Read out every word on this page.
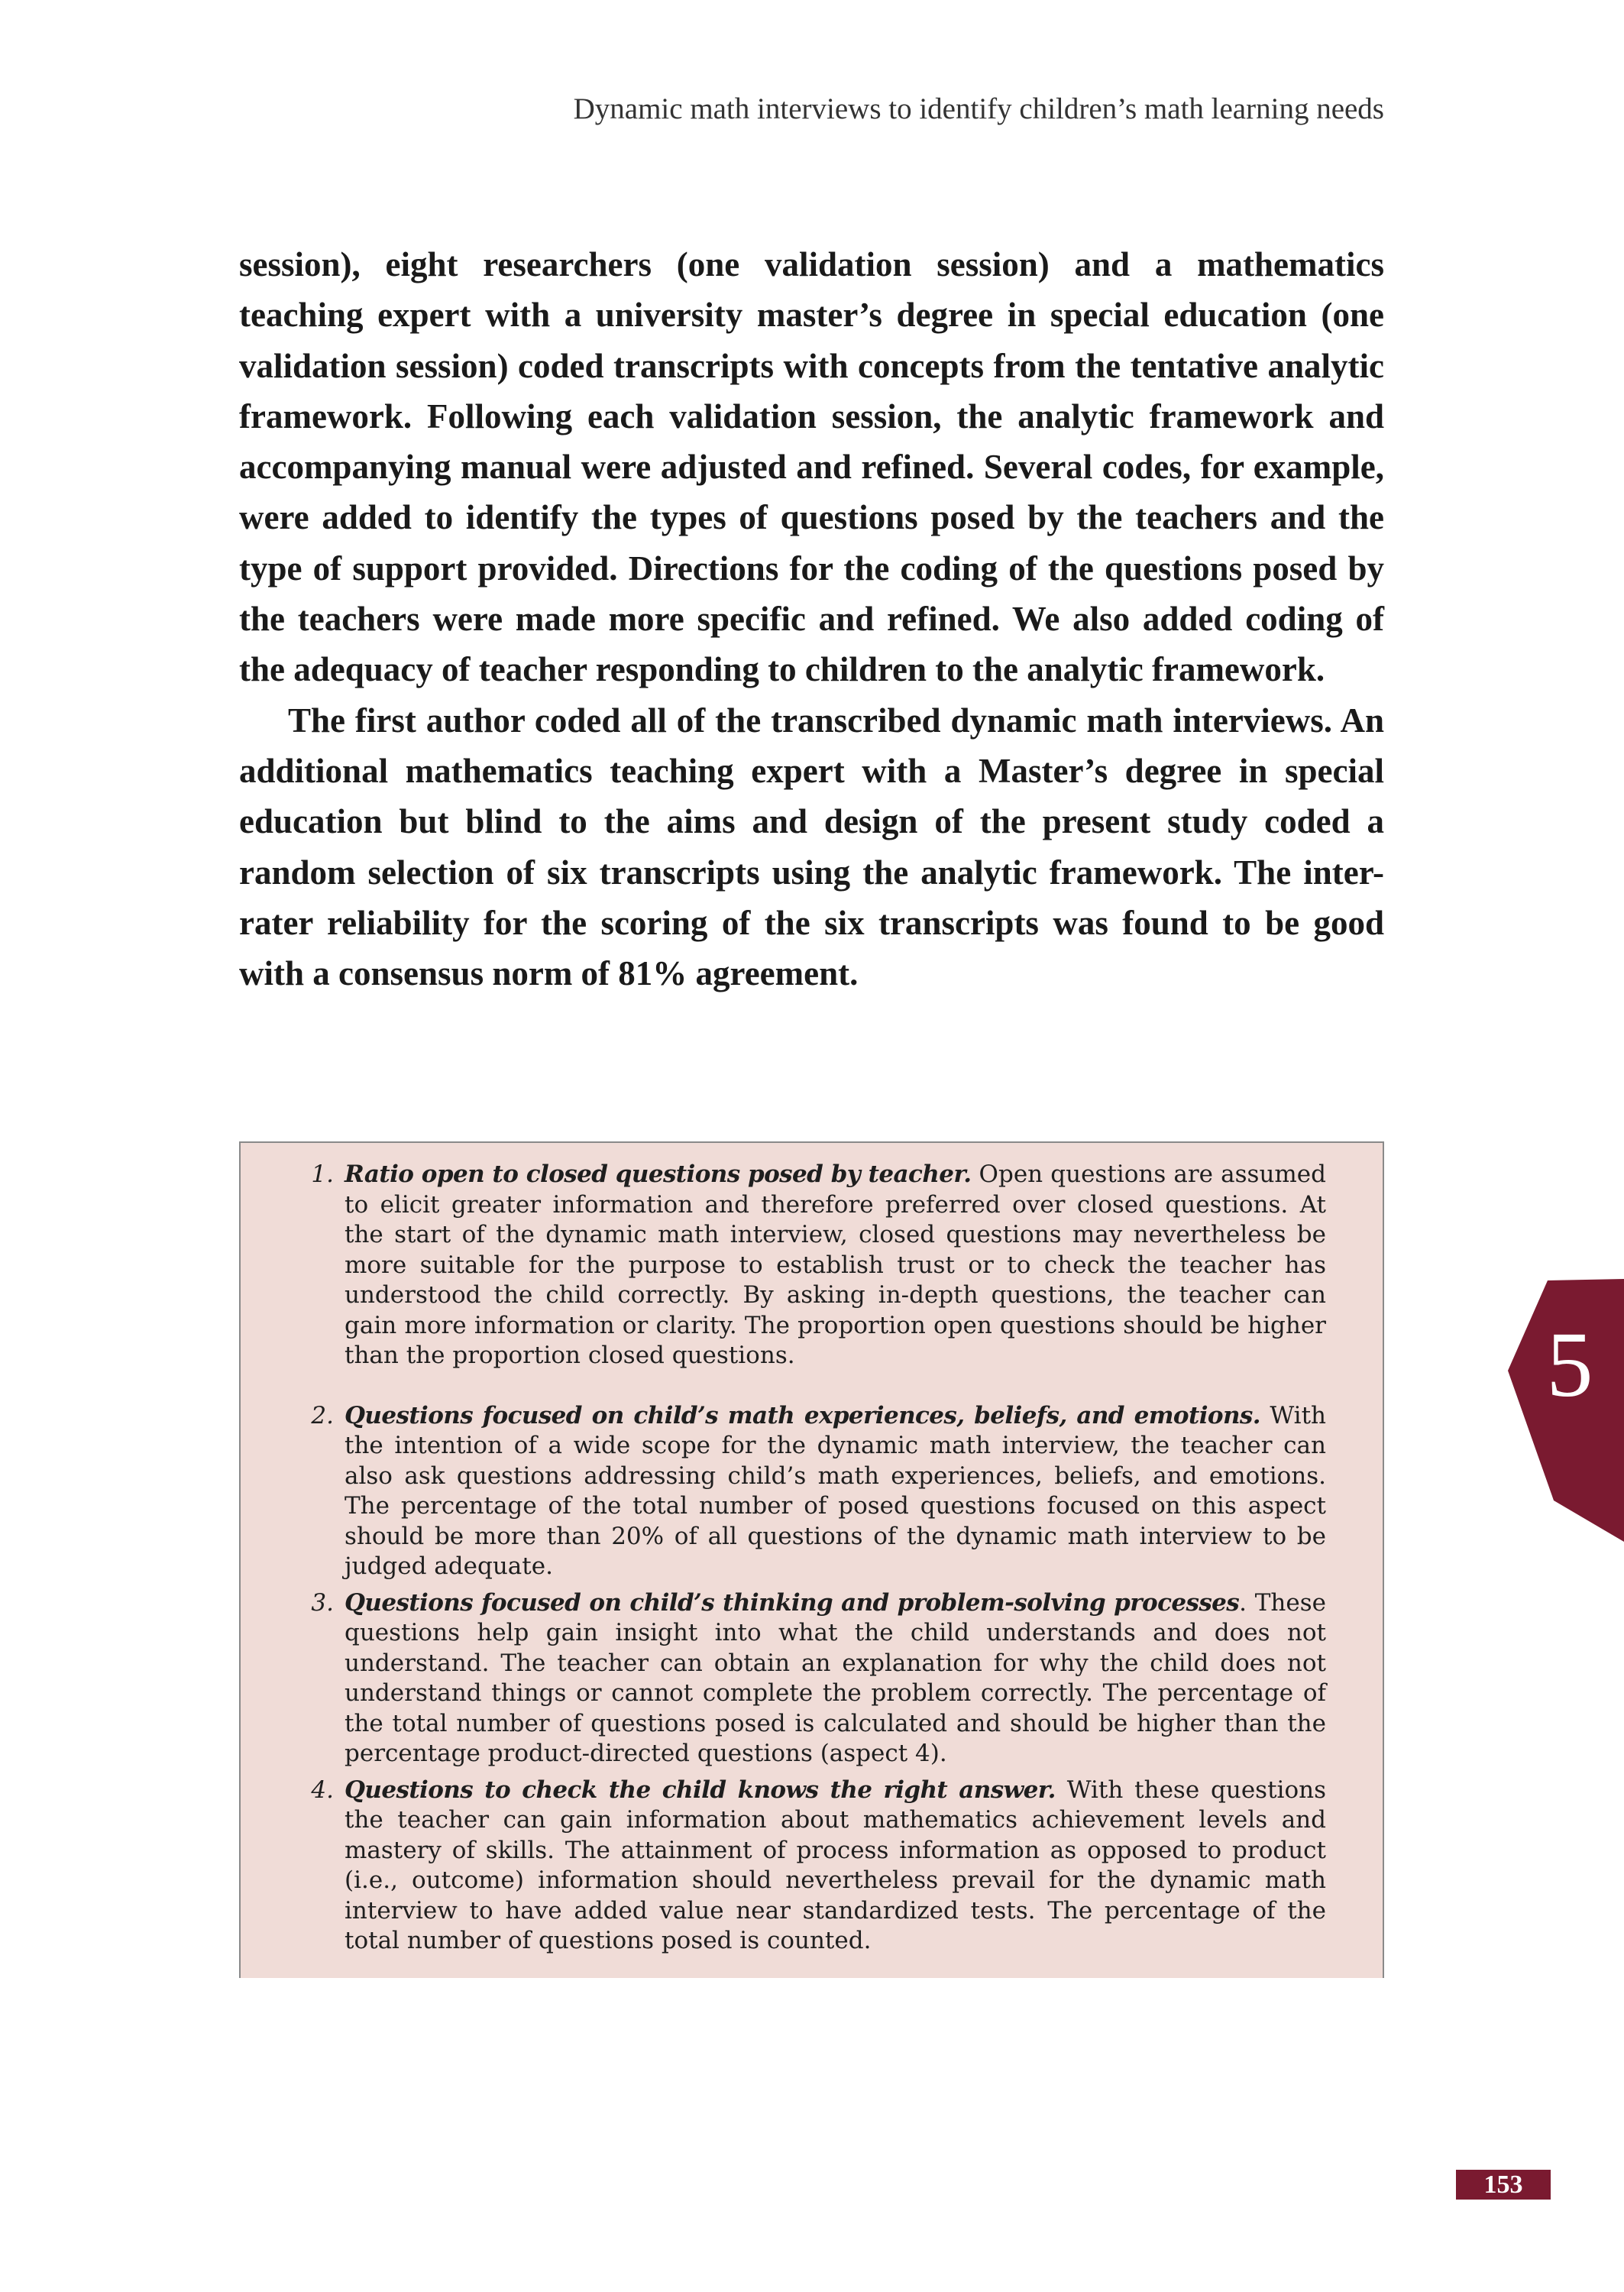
Dynamic math interviews to identify children’s math learning needs

session), eight researchers (one validation session) and a mathematics teaching expert with a university master’s degree in special education (one validation session) coded transcripts with concepts from the tentative analytic framework. Following each validation session, the analytic framework and accompanying manual were adjusted and refined. Several codes, for example, were added to identify the types of questions posed by the teachers and the type of support provided. Directions for the coding of the questions posed by the teachers were made more specific and refined. We also added coding of the adequacy of teacher responding to children to the analytic framework.

The first author coded all of the transcribed dynamic math interviews. An additional mathematics teaching expert with a Master’s degree in special education but blind to the aims and design of the present study coded a random selection of six transcripts using the analytic framework. The inter-rater reliability for the scoring of the six transcripts was found to be good with a consensus norm of 81% agreement.

1. Ratio open to closed questions posed by teacher. Open questions are assumed to elicit greater information and therefore preferred over closed questions. At the start of the dynamic math interview, closed questions may nevertheless be more suitable for the purpose to establish trust or to check the teacher has understood the child correctly. By asking in-depth questions, the teacher can gain more information or clarity. The proportion open questions should be higher than the proportion closed questions.
2. Questions focused on child’s math experiences, beliefs, and emotions. With the intention of a wide scope for the dynamic math interview, the teacher can also ask questions addressing child’s math experiences, beliefs, and emotions. The percentage of the total number of posed questions focused on this aspect should be more than 20% of all questions of the dynamic math interview to be judged adequate.
3. Questions focused on child’s thinking and problem-solving processes. These questions help gain insight into what the child understands and does not understand. The teacher can obtain an explanation for why the child does not understand things or cannot complete the problem correctly. The percentage of the total number of questions posed is calculated and should be higher than the percentage product-directed questions (aspect 4).
4. Questions to check the child knows the right answer. With these questions the teacher can gain information about mathematics achievement levels and mastery of skills. The attainment of process information as opposed to product (i.e., outcome) information should nevertheless prevail for the dynamic math interview to have added value near standardized tests. The percentage of the total number of questions posed is counted.
5
153
